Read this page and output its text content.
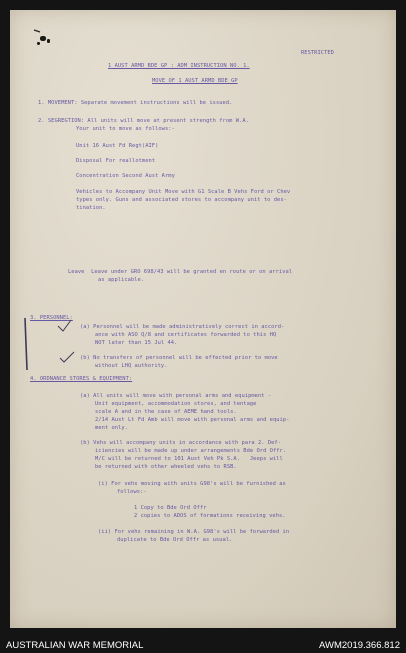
RESTRICTED
1 AUST ARMD BDE GP : ADM INSTRUCTION NO. 1.
MOVE OF 1 AUST ARMD BDE GP
1. MOVEMENT: Separate movement instructions will be issued.
2. SEGREGTION: All units will move at present strength from W.A.
Your unit to move as follows:-
Unit 16 Aust Fd Regt(AIF)
Disposal For reallotment
Concentration Second Aust Army
Vehicles to Accompany Unit Move with G1 Scale B Vehs Ford or Chev
types only. Guns and associated stores to accompany unit to des-
tination.
Leave  Leave under GRO 698/43 will be granted en route or on arrival
as applicable.
3. PERSONNEL:
(a) Personnel will be made administratively correct in accord-
ance with ASO Q/8 and certificates forwarded to this HQ
NOT later than 15 Jul 44.
(b) No transfers of personnel will be effected prior to move
without LHQ authority.
4. ORDNANCE STORES & EQUIPMENT:
(a) All units will move with personal arms and equipment -
Unit equipment, accommodation stores, and tentage
scale A and in the case of AEME hand tools.
2/14 Aust Lt Fd Amb will move with personal arms and equip-
ment only.
(b) Vehs will accompany units in accordance with para 2. Def-
iciencies will be made up under arrangements Bde Ord Offr.
M/C will be returned to 101 Aust Veh Pk S.A.   Jeeps will
be returned with other wheeled vehs to RSB.
(i) For vehs moving with units G98's will be furnished as
follows:-
1 Copy to Bde Ord Offr
2 copies to ADOS of formations receiving vehs.
(ii) For vehs remaining in W.A. G98's will be forwarded in
duplicate to Bde Ord Offr as usual.
AUSTRALIAN WAR MEMORIAL	AWM2019.366.812
